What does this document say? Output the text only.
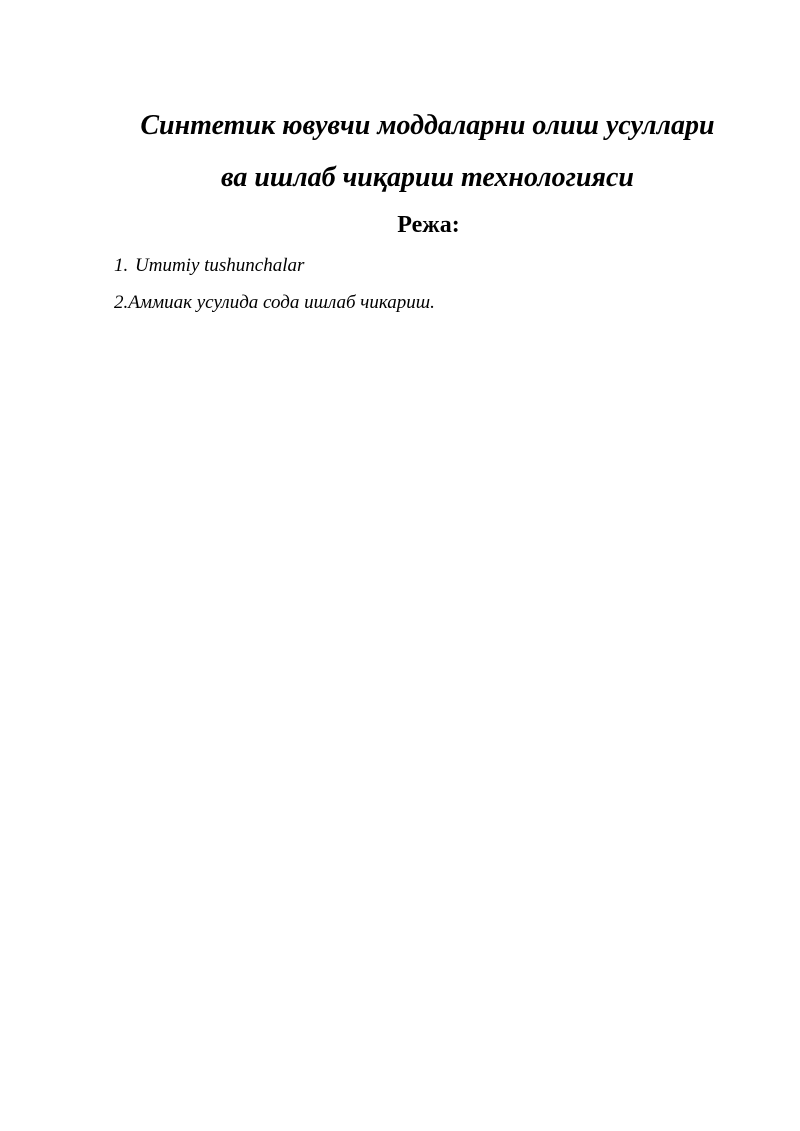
Синтетик ювувчи моддаларни олиш усуллари
ва ишлаб чиқариш технологияси
Режа:
1. Umumiy tushunchalar
2.Аммиак усулида сода ишлаб чикариш.
